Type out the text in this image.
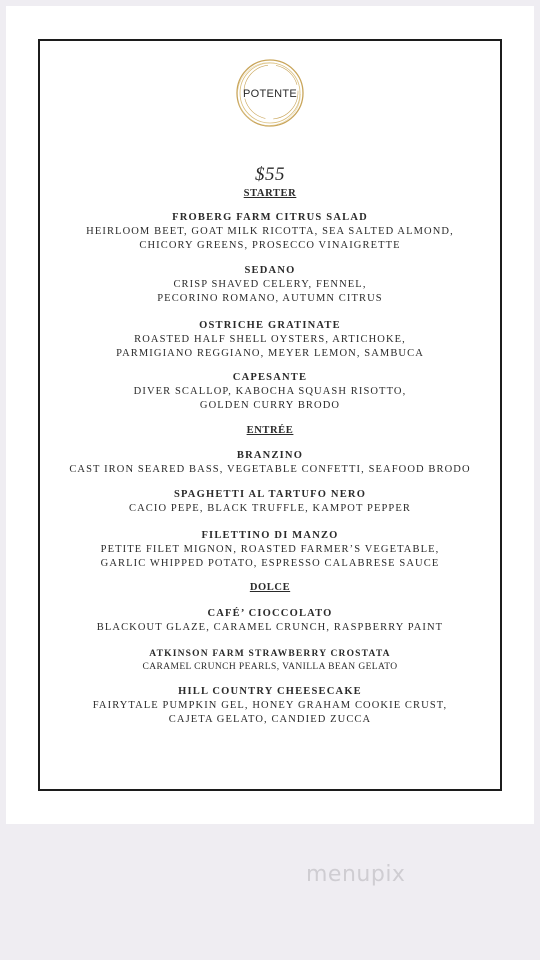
POTENTE
$55
STARTER
FROBERG FARM CITRUS SALAD
HEIRLOOM BEET, GOAT MILK RICOTTA, SEA SALTED ALMOND,
CHICORY GREENS, PROSECCO VINAIGRETTE
SEDANO
CRISP SHAVED CELERY, FENNEL,
PECORINO ROMANO, AUTUMN CITRUS
OSTRICHE GRATINATE
ROASTED HALF SHELL OYSTERS, ARTICHOKE,
PARMIGIANO REGGIANO, MEYER LEMON, SAMBUCA
CAPESANTE
DIVER SCALLOP, KABOCHA SQUASH RISOTTO,
GOLDEN CURRY BRODO
ENTRÉE
BRANZINO
CAST IRON SEARED BASS, VEGETABLE CONFETTI, SEAFOOD BRODO
SPAGHETTI AL TARTUFO NERO
CACIO PEPE, BLACK TRUFFLE, KAMPOT PEPPER
FILETTINO DI MANZO
PETITE FILET MIGNON, ROASTED FARMER’S VEGETABLE,
GARLIC WHIPPED POTATO, ESPRESSO CALABRESE SAUCE
DOLCE
CAFÉ’ CIOCCOLATO
BLACKOUT GLAZE, CARAMEL CRUNCH, RASPBERRY PAINT
ATKINSON FARM STRAWBERRY CROSTATA
CARAMEL CRUNCH PEARLS, VANILLA BEAN GELATO
HILL COUNTRY CHEESECAKE
FAIRYTALE PUMPKIN GEL, HONEY GRAHAM COOKIE CRUST,
CAJETA GELATO, CANDIED ZUCCA
menupix
